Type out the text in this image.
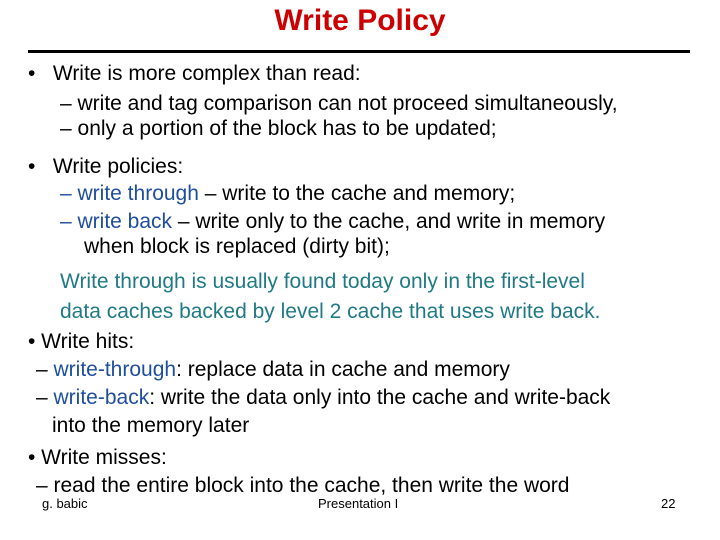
Write Policy
• Write is more complex than read:
– write and tag comparison can not proceed simultaneously,
– only a portion of the block has to be updated;
• Write policies:
– write through – write to the cache and memory;
– write back – write only to the cache, and write in memory
when block is replaced (dirty bit);
Write through is usually found today only in the first-level
data caches backed by level 2 cache that uses write back.
• Write hits:
– write-through: replace data in cache and memory
– write-back: write the data only into the cache and write-back
into the memory later
• Write misses:
– read the entire block into the cache, then write the word
g. babic	Presentation I	22
